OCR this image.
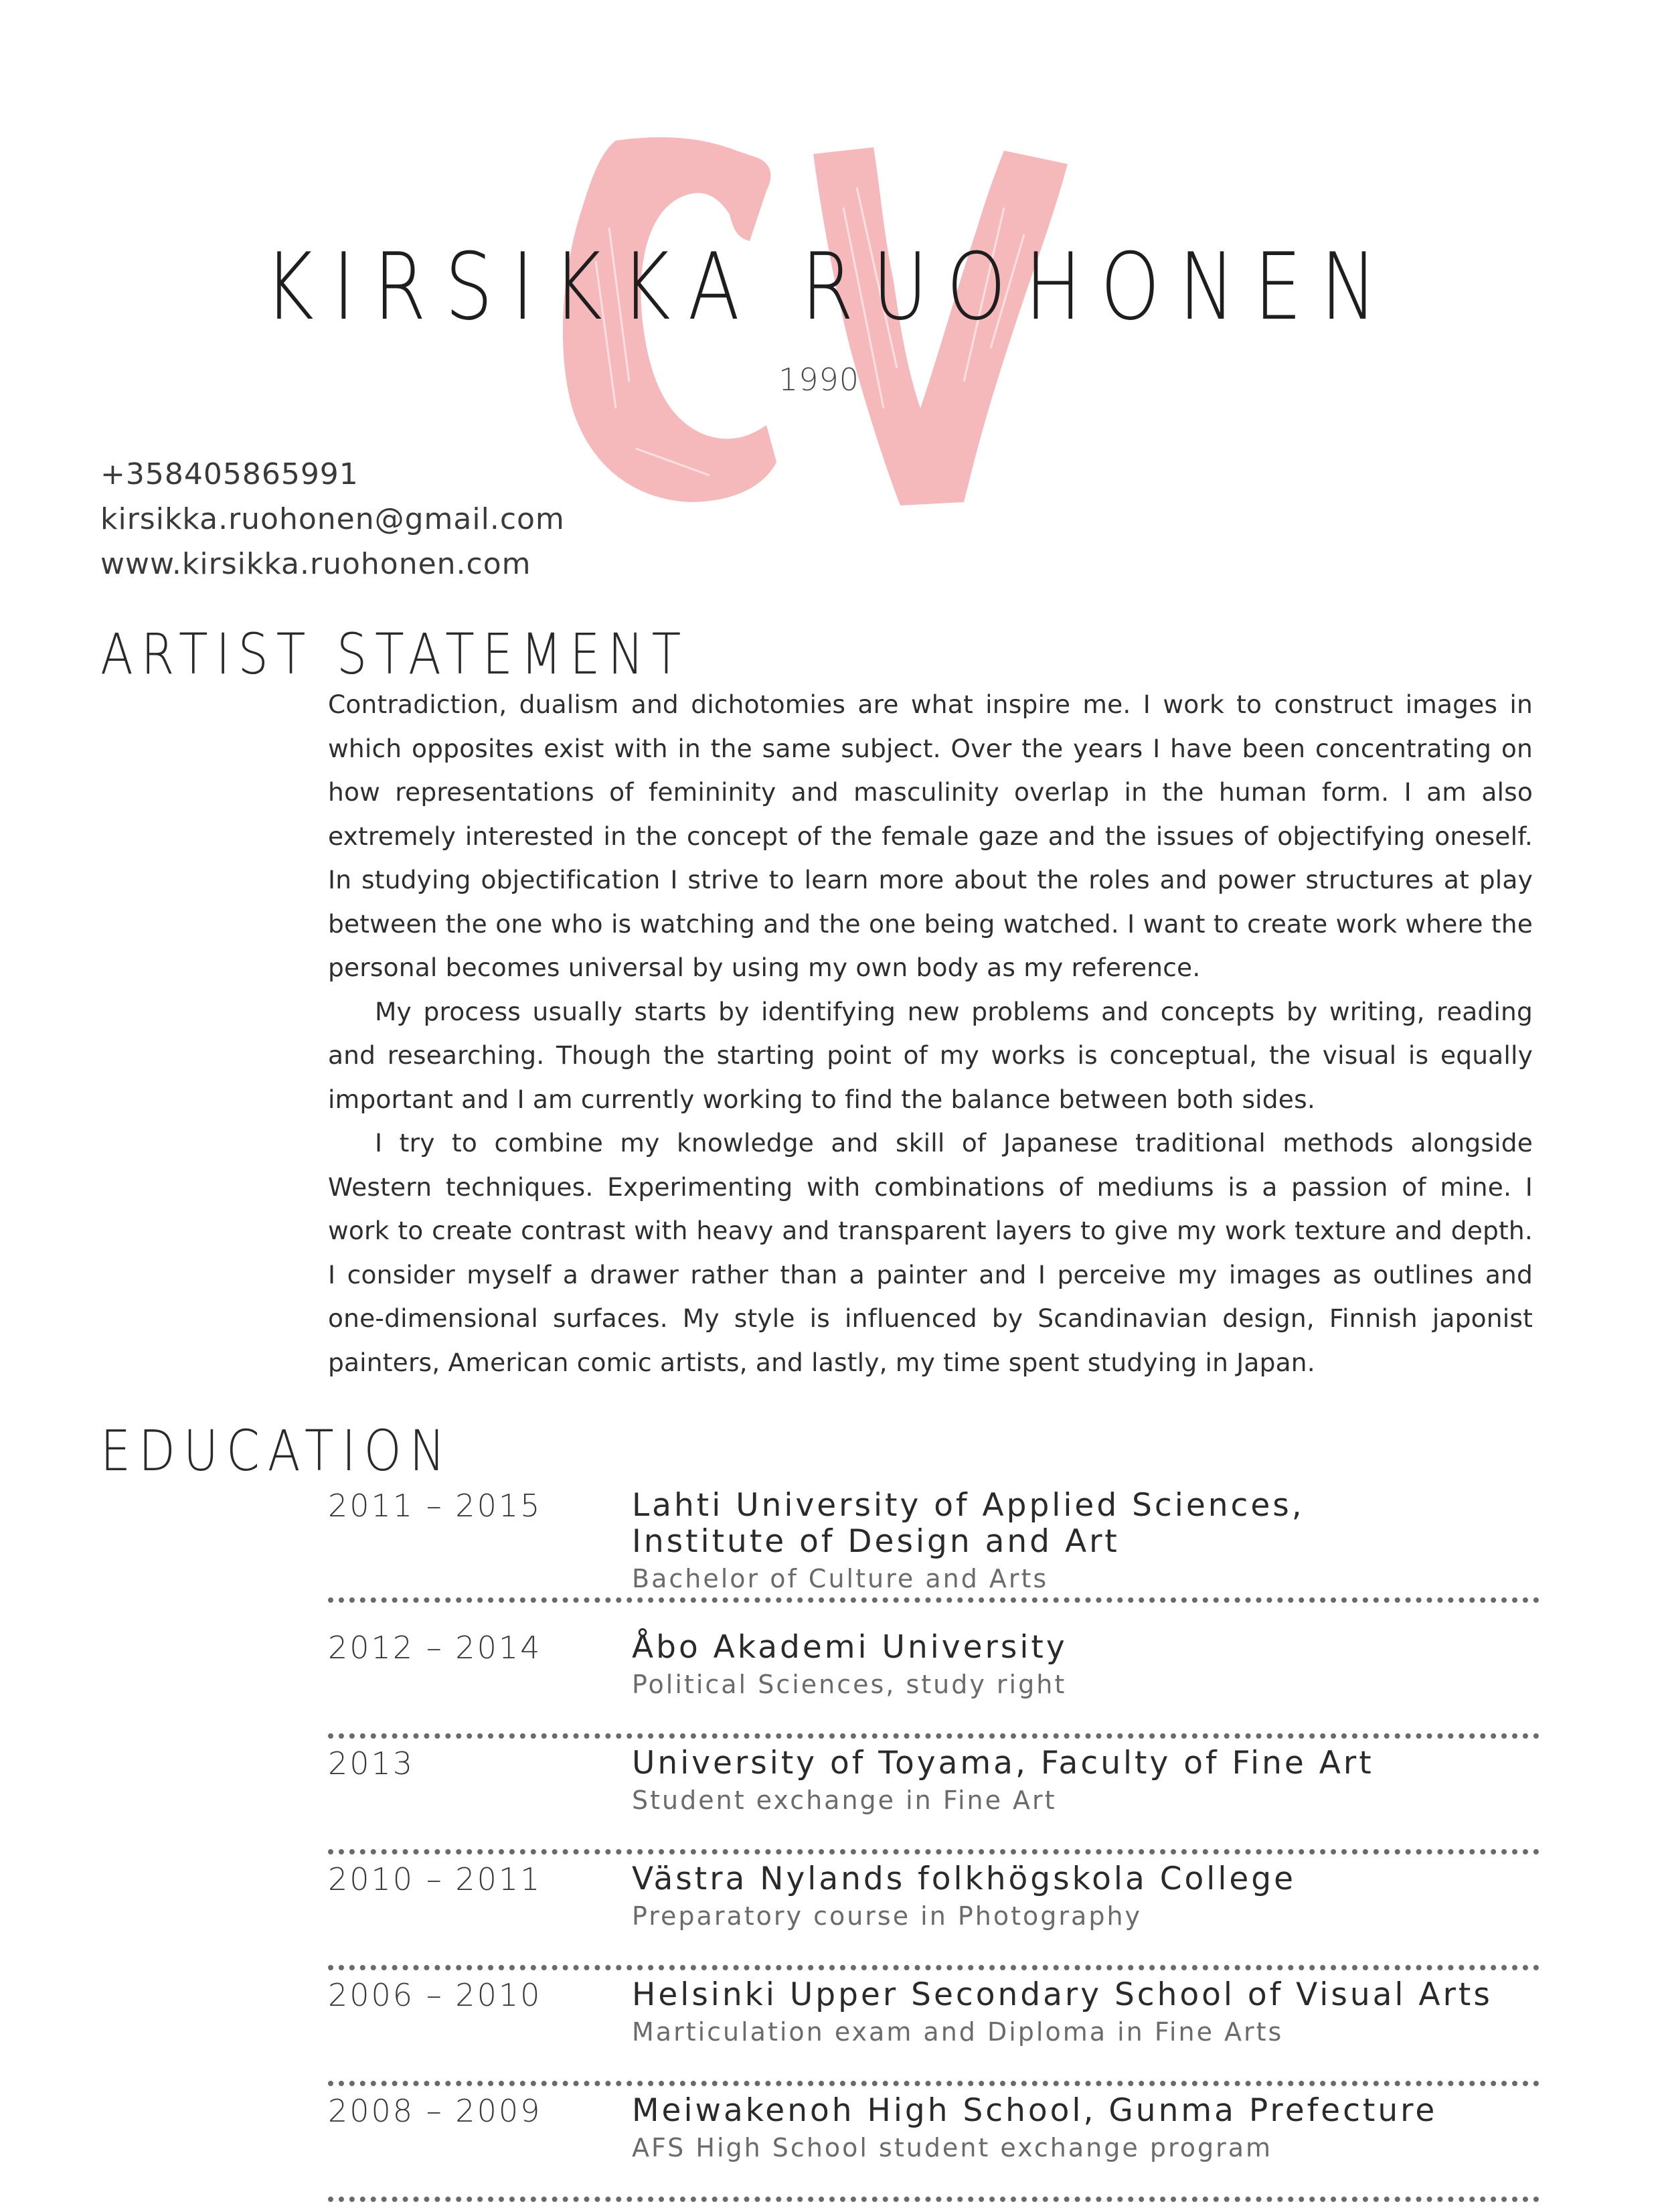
KIRSIKKA RUOHONEN
1990
+358405865991
kirsikka.ruohonen@gmail.com
www.kirsikka.ruohonen.com
ARTIST STATEMENT

Contradiction, dualism and dichotomies are what inspire me. I work to construct images in which opposites exist with in the same subject. Over the years I have been concentrating on how representations of femininity and masculinity overlap in the human form. I am also extremely interested in the concept of the female gaze and the issues of objectifying oneself. In studying objectification I strive to learn more about the roles and power structures at play between the one who is watching and the one being watched. I want to create work where the personal becomes universal by using my own body as my reference.

My process usually starts by identifying new problems and concepts by writing, reading and researching. Though the starting point of my works is conceptual, the visual is equally important and I am currently working to find the balance between both sides.

I try to combine my knowledge and skill of Japanese traditional methods alongside Western techniques. Experimenting with combinations of mediums is a passion of mine. I work to create contrast with heavy and transparent layers to give my work texture and depth. I consider myself a drawer rather than a painter and I perceive my images as outlines and one-dimensional surfaces. My style is influenced by Scandinavian design, Finnish japonist painters, American comic artists, and lastly, my time spent studying in Japan.

EDUCATION
2011 – 2015	Lahti University of Applied Sciences,
Institute of Design and Art
Bachelor of Culture and Arts
2012 – 2014	Åbo Akademi University
Political Sciences, study right
2013	University of Toyama, Faculty of Fine Art
Student exchange in Fine Art
2010 – 2011	Västra Nylands folkhögskola College
Preparatory course in Photography
2006 – 2010	Helsinki Upper Secondary School of Visual Arts
Marticulation exam and Diploma in Fine Arts
2008 – 2009	Meiwakenoh High School, Gunma Prefecture
AFS High School student exchange program
